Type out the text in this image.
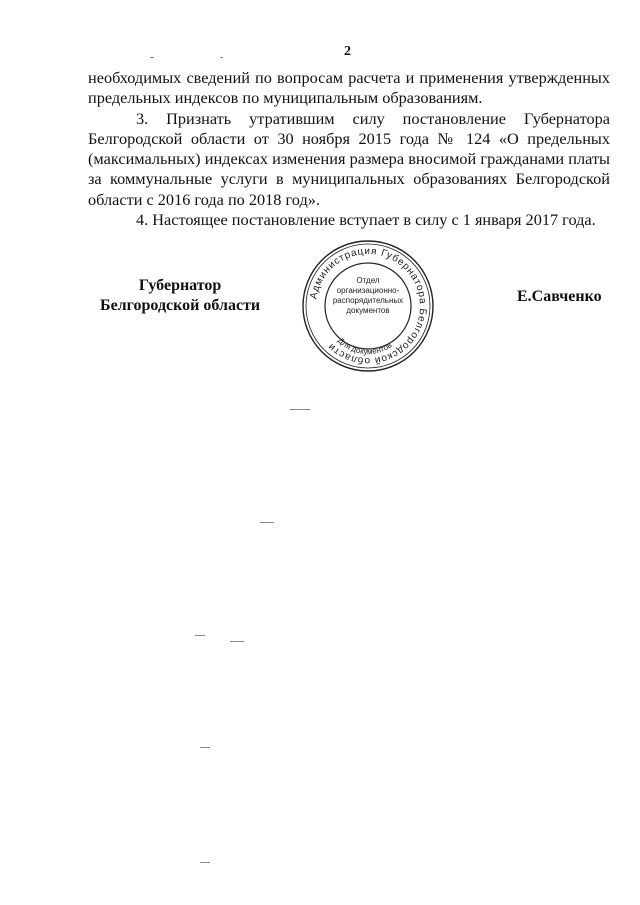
2

необходимых сведений по вопросам расчета и применения утвержденных предельных индексов по муниципальным образованиям.

3. Признать утратившим силу постановление Губернатора Белгородской области от 30 ноября 2015 года № 124 «О предельных (максимальных) индексах изменения размера вносимой гражданами платы за коммунальные услуги в муниципальных образованиях Белгородской области с 2016 года по 2018 год».

4. Настоящее постановление вступает в силу с 1 января 2017 года.

Губернатор
Белгородской области
Е.Савченко
Администрация Губернатора Белгородской области
Отдел
организационно-
распорядительных
документов
Для документов
